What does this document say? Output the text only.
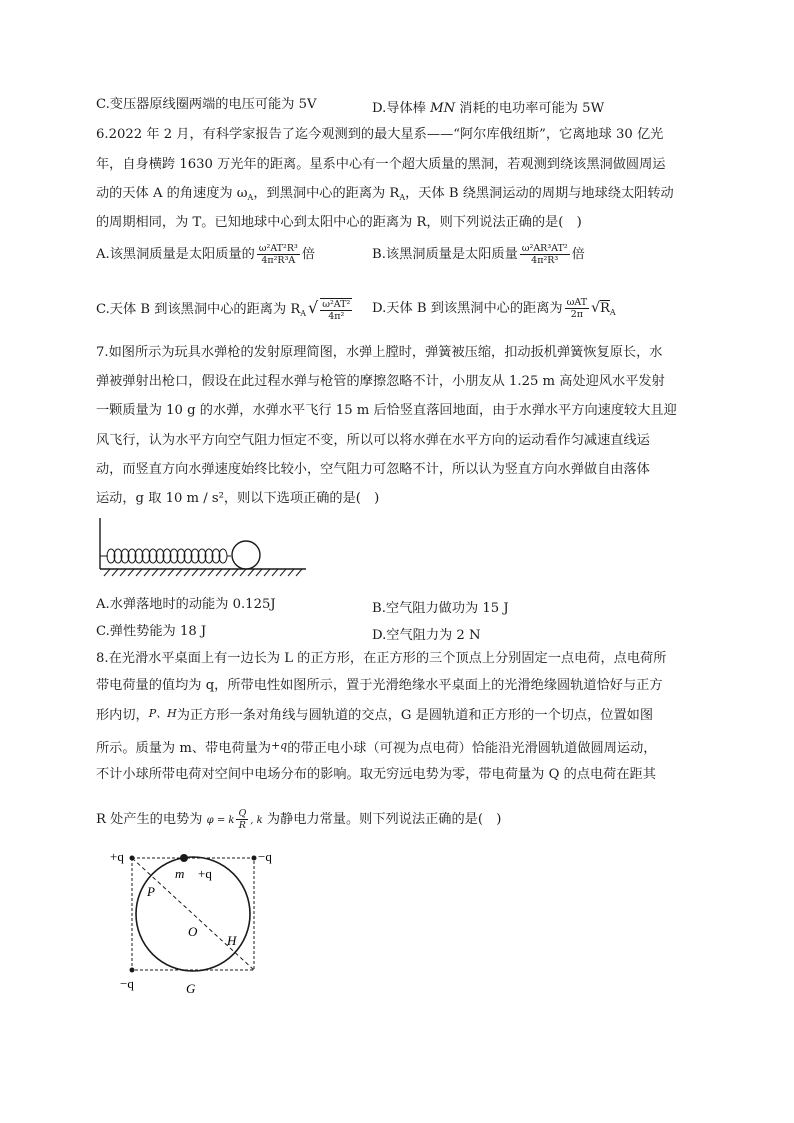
C.变压器原线圈两端的电压可能为 5V	D.导体棒 MN 消耗的电功率可能为 5W
6.2022 年 2 月，有科学家报告了迄今观测到的最大星系——“阿尔库俄纽斯”，它离地球 30 亿光
年，自身横跨 1630 万光年的距离。星系中心有一个超大质量的黑洞，若观测到绕该黑洞做圆周运
动的天体 A 的角速度为 $\omega_A$，到黑洞中心的距离为 $R_A$，天体 B 绕黑洞运动的周期与地球绕太阳转动
的周期相同，为 T。已知地球中心到太阳中心的距离为 R，则下列说法正确的是(　)
A.该黑洞质量是太阳质量的 $\frac{\text{ω²AT²R³}}{\text{4π²R³A}}$ 倍	B.该黑洞质量是太阳质量 $\frac{\text{ω²AR³AT²}}{\text{4π²R³}}$ 倍
C.天体 B 到该黑洞中心的距离为 $R_A$ √ $\frac{\text{ω²AT²}}{\text{4π²}} D$.天体 B 到该黑洞中心的距离为 $\frac{\text{ωAT}}{2\pi} √R_A$
7.如图所示为玩具水弹枪的发射原理简图，水弹上膛时，弹簧被压缩，扣动扳机弹簧恢复原长，水
弹被弹射出枪口，假设在此过程水弹与枪管的摩擦忽略不计，小朋友从 1.25 m 高处迎风水平发射
一颗质量为 10 g 的水弹，水弹水平飞行 15 m 后恰竖直落回地面，由于水弹水平方向速度较大且迎
风飞行，认为水平方向空气阻力恒定不变，所以可以将水弹在水平方向的运动看作匀减速直线运
动，而竖直方向水弹速度始终比较小，空气阻力可忽略不计，所以认为竖直方向水弹做自由落体
运动，g 取 10 m / s²，则以下选项正确的是(　)
A.水弹落地时的动能为 0.125J	B.空气阻力做功为 15 J
C.弹性势能为 18 J	D.空气阻力为 2 N
8.在光滑水平桌面上有一边长为 L 的正方形，在正方形的三个顶点上分别固定一点电荷，点电荷所
带电荷量的值均为 q，所带电性如图所示，置于光滑绝缘水平桌面上的光滑绝缘圆轨道恰好与正方
形内切，P、H为正方形一条对角线与圆轨道的交点，G 是圆轨道和正方形的一个切点，位置如图
所示。质量为 m、带电荷量为$^{+q}$的带正电小球（可视为点电荷）恰能沿光滑圆轨道做圆周运动，
不计小球所带电荷对空间中电场分布的影响。取无穷远电势为零，带电荷量为 Q 的点电荷在距其
R 处产生的电势为 φ = k $\frac{Q}{R}$ , k 为静电力常量。则下列说法正确的是(　)
+q	−q
−q
m +q
P
O
H
G
